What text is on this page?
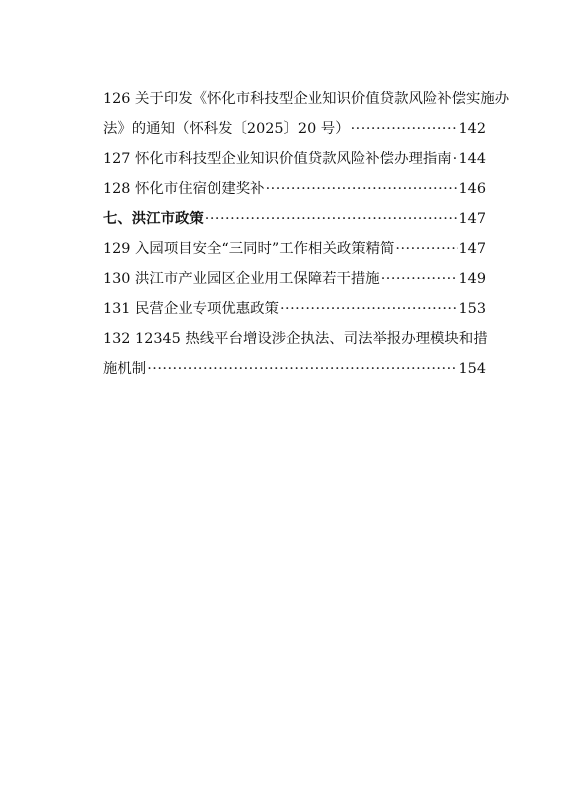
126 关于印发《怀化市科技型企业知识价值贷款风险补偿实施办
法》的通知（怀科发〔2025〕20 号） ·····	142
127 怀化市科技型企业知识价值贷款风险补偿办理指南 ····· 144
128 怀化市住宿创建奖补 ·····	146
七、洪江市政策 ·····	147
129 入园项目安全“三同时”工作相关政策精简 ·····	147
130 洪江市产业园区企业用工保障若干措施 ·····	149
131 民营企业专项优惠政策 ·····	153
132 12345 热线平台增设涉企执法、司法举报办理模块和措
施机制 ·····	154
